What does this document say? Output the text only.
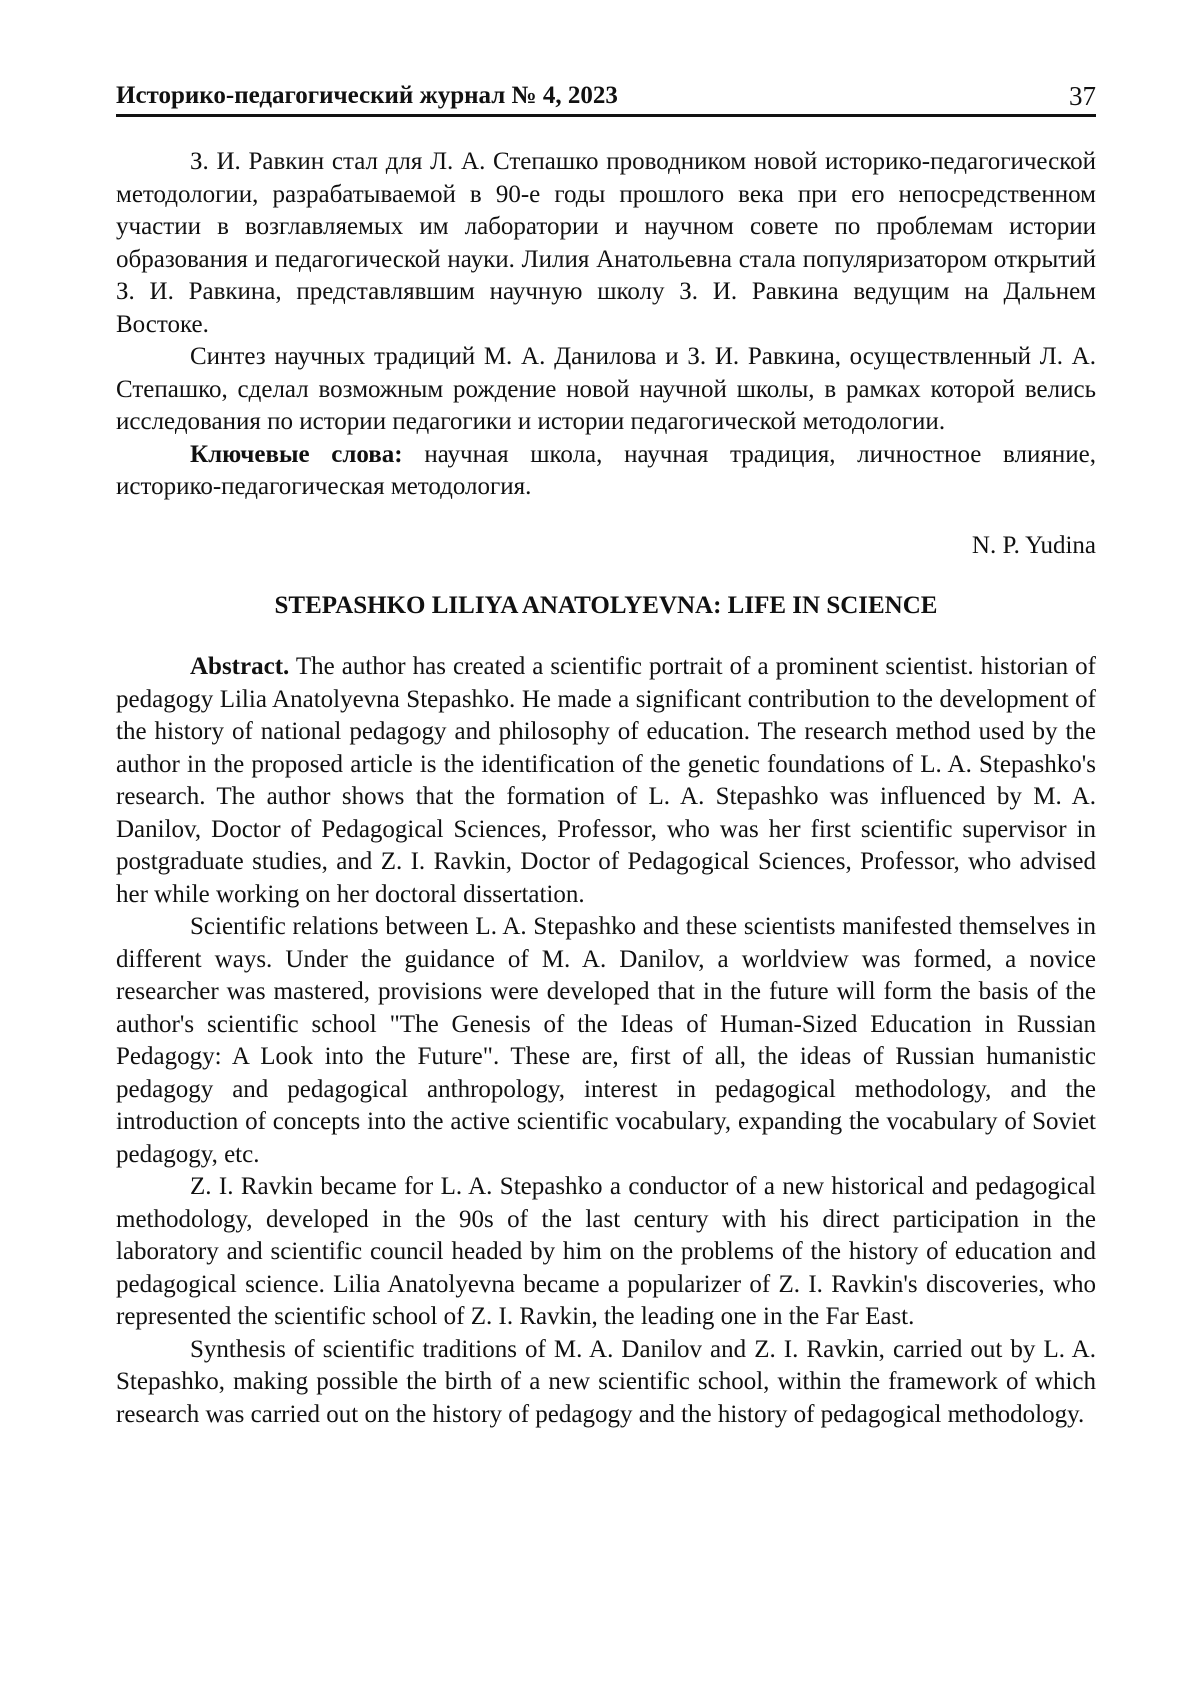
Историко-педагогический журнал № 4, 2023	37

З. И. Равкин стал для Л. А. Степашко проводником новой историко-педагогической методологии, разрабатываемой в 90-е годы прошлого века при его непосредственном участии в возглавляемых им лаборатории и научном совете по проблемам истории образования и педагогической науки. Лилия Анатольевна стала популяризатором открытий З. И. Равкина, представлявшим научную школу З. И. Равкина ведущим на Дальнем Востоке.

Синтез научных традиций М. А. Данилова и З. И. Равкина, осуществленный Л. А. Степашко, сделал возможным рождение новой научной школы, в рамках которой велись исследования по истории педагогики и истории педагогической методологии.

Ключевые слова: научная школа, научная традиция, личностное влияние, историко-педагогическая методология.

N. P. Yudina

STEPASHKO LILIYA ANATOLYEVNA: LIFE IN SCIENCE

Abstract. The author has created a scientific portrait of a prominent scientist. historian of pedagogy Lilia Anatolyevna Stepashko. He made a significant contribution to the development of the history of national pedagogy and philosophy of education. The research method used by the author in the proposed article is the identification of the genetic foundations of L. A. Stepashko's research. The author shows that the formation of L. A. Stepashko was influenced by M. A. Danilov, Doctor of Pedagogical Sciences, Professor, who was her first scientific supervisor in postgraduate studies, and Z. I. Ravkin, Doctor of Pedagogical Sciences, Professor, who advised her while working on her doctoral dissertation.

Scientific relations between L. A. Stepashko and these scientists manifested themselves in different ways. Under the guidance of M. A. Danilov, a worldview was formed, a novice researcher was mastered, provisions were developed that in the future will form the basis of the author's scientific school "The Genesis of the Ideas of Human-Sized Education in Russian Pedagogy: A Look into the Future". These are, first of all, the ideas of Russian humanistic pedagogy and pedagogical anthropology, interest in pedagogical methodology, and the introduction of concepts into the active scientific vocabulary, expanding the vocabulary of Soviet pedagogy, etc.

Z. I. Ravkin became for L. A. Stepashko a conductor of a new historical and pedagogical methodology, developed in the 90s of the last century with his direct participation in the laboratory and scientific council headed by him on the problems of the history of education and pedagogical science. Lilia Anatolyevna became a popularizer of Z. I. Ravkin's discoveries, who represented the scientific school of Z. I. Ravkin, the leading one in the Far East.

Synthesis of scientific traditions of M. A. Danilov and Z. I. Ravkin, carried out by L. A. Stepashko, making possible the birth of a new scientific school, within the framework of which research was carried out on the history of pedagogy and the history of pedagogical methodology.
